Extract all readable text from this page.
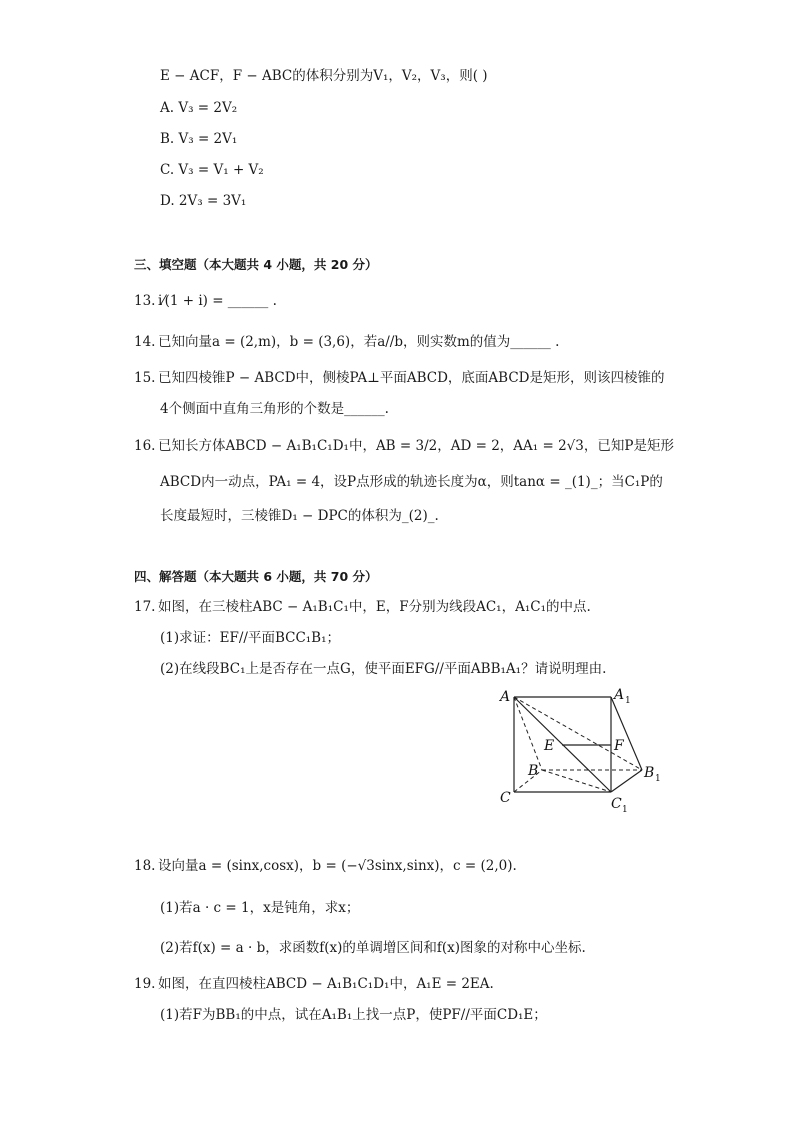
E − ACF，F − ABC的体积分别为V₁，V₂，V₃，则( )
A. V₃ = 2V₂
B. V₃ = 2V₁
C. V₃ = V₁ + V₂
D. 2V₃ = 3V₁
三、填空题（本大题共 4 小题，共 20 分）
13. i⁄(1 + i) = ______ .
14. 已知向量a = (2,m)，b = (3,6)，若a//b，则实数m的值为______ .
15. 已知四棱锥P − ABCD中，侧棱PA⊥平面ABCD，底面ABCD是矩形，则该四棱锥的
4个侧面中直角三角形的个数是______.
16. 已知长方体ABCD − A₁B₁C₁D₁中，AB = 3/2，AD = 2，AA₁ = 2√3，已知P是矩形
ABCD内一动点，PA₁ = 4，设P点形成的轨迹长度为α，则tanα = _(1)_；当C₁P的
长度最短时，三棱锥D₁ − DPC的体积为_(2)_.
四、解答题（本大题共 6 小题，共 70 分）
17. 如图，在三棱柱ABC − A₁B₁C₁中，E，F分别为线段AC₁，A₁C₁的中点.
(1)求证：EF//平面BCC₁B₁；
(2)在线段BC₁上是否存在一点G，使平面EFG//平面ABB₁A₁？请说明理由.
A	A 1
E	F
B	B 1
C	C 1
18. 设向量a = (sinx,cosx)，b = (−√3sinx,sinx)，c = (2,0).
(1)若a · c = 1，x是钝角，求x；
(2)若f(x) = a · b，求函数f(x)的单调增区间和f(x)图象的对称中心坐标.
19. 如图，在直四棱柱ABCD − A₁B₁C₁D₁中，A₁E = 2EA.
(1)若F为BB₁的中点，试在A₁B₁上找一点P，使PF//平面CD₁E；
